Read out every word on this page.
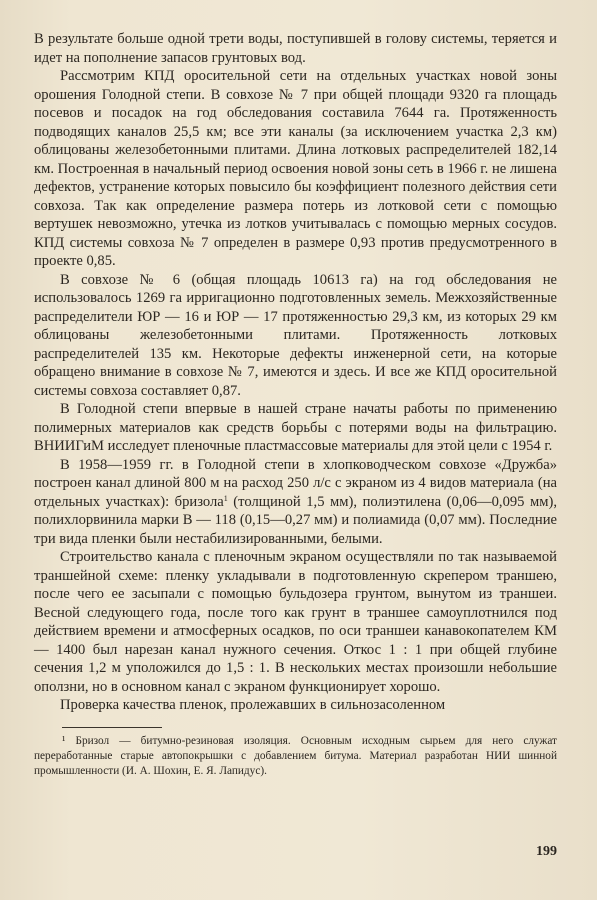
В результате больше одной трети воды, поступившей в голову системы, теряется и идет на пополнение запасов грунтовых вод.

Рассмотрим КПД оросительной сети на отдельных участках новой зоны орошения Голодной степи. В совхозе № 7 при общей площади 9320 га площадь посевов и посадок на год обследования составила 7644 га. Протяженность подводящих каналов 25,5 км; все эти каналы (за исключением участка 2,3 км) облицованы железобетонными плитами. Длина лотковых распределителей 182,14 км. Построенная в начальный период освоения новой зоны сеть в 1966 г. не лишена дефектов, устранение которых повысило бы коэффициент полезного действия сети совхоза. Так как определение размера потерь из лотковой сети с помощью вертушек невозможно, утечка из лотков учитывалась с помощью мерных сосудов. КПД системы совхоза № 7 определен в размере 0,93 против предусмотренного в проекте 0,85.

В совхозе № 6 (общая площадь 10613 га) на год обследования не использовалось 1269 га ирригационно подготовленных земель. Межхозяйственные распределители ЮР — 16 и ЮР — 17 протяженностью 29,3 км, из которых 29 км облицованы железобетонными плитами. Протяженность лотковых распределителей 135 км. Некоторые дефекты инженерной сети, на которые обращено внимание в совхозе № 7, имеются и здесь. И все же КПД оросительной системы совхоза составляет 0,87.

В Голодной степи впервые в нашей стране начаты работы по применению полимерных материалов как средств борьбы с потерями воды на фильтрацию. ВНИИГиМ исследует пленочные пластмассовые материалы для этой цели с 1954 г.

В 1958—1959 гг. в Голодной степи в хлопководческом совхозе «Дружба» построен канал длиной 800 м на расход 250 л/с с экраном из 4 видов материала (на отдельных участках): бризола$^1$ (толщиной 1,5 мм), полиэтилена (0,06—0,095 мм), полихлорвинила марки В — 118 (0,15—0,27 мм) и полиамида (0,07 мм). Последние три вида пленки были нестабилизированными, белыми.

Строительство канала с пленочным экраном осуществляли по так называемой траншейной схеме: пленку укладывали в подготовленную скрепером траншею, после чего ее засыпали с помощью бульдозера грунтом, вынутом из траншеи. Весной следующего года, после того как грунт в траншее самоуплотнился под действием времени и атмосферных осадков, по оси траншеи канавокопателем КМ — 1400 был нарезан канал нужного сечения. Откос 1 : 1 при общей глубине сечения 1,2 м уположился до 1,5 : 1. В нескольких местах произошли небольшие оползни, но в основном канал с экраном функционирует хорошо.

Проверка качества пленок, пролежавших в сильнозасоленном

¹ Бризол — битумно-резиновая изоляция. Основным исходным сырьем для него служат переработанные старые автопокрышки с добавлением битума. Материал разработан НИИ шинной промышленности (И. А. Шохин, Е. Я. Лапидус).

199
